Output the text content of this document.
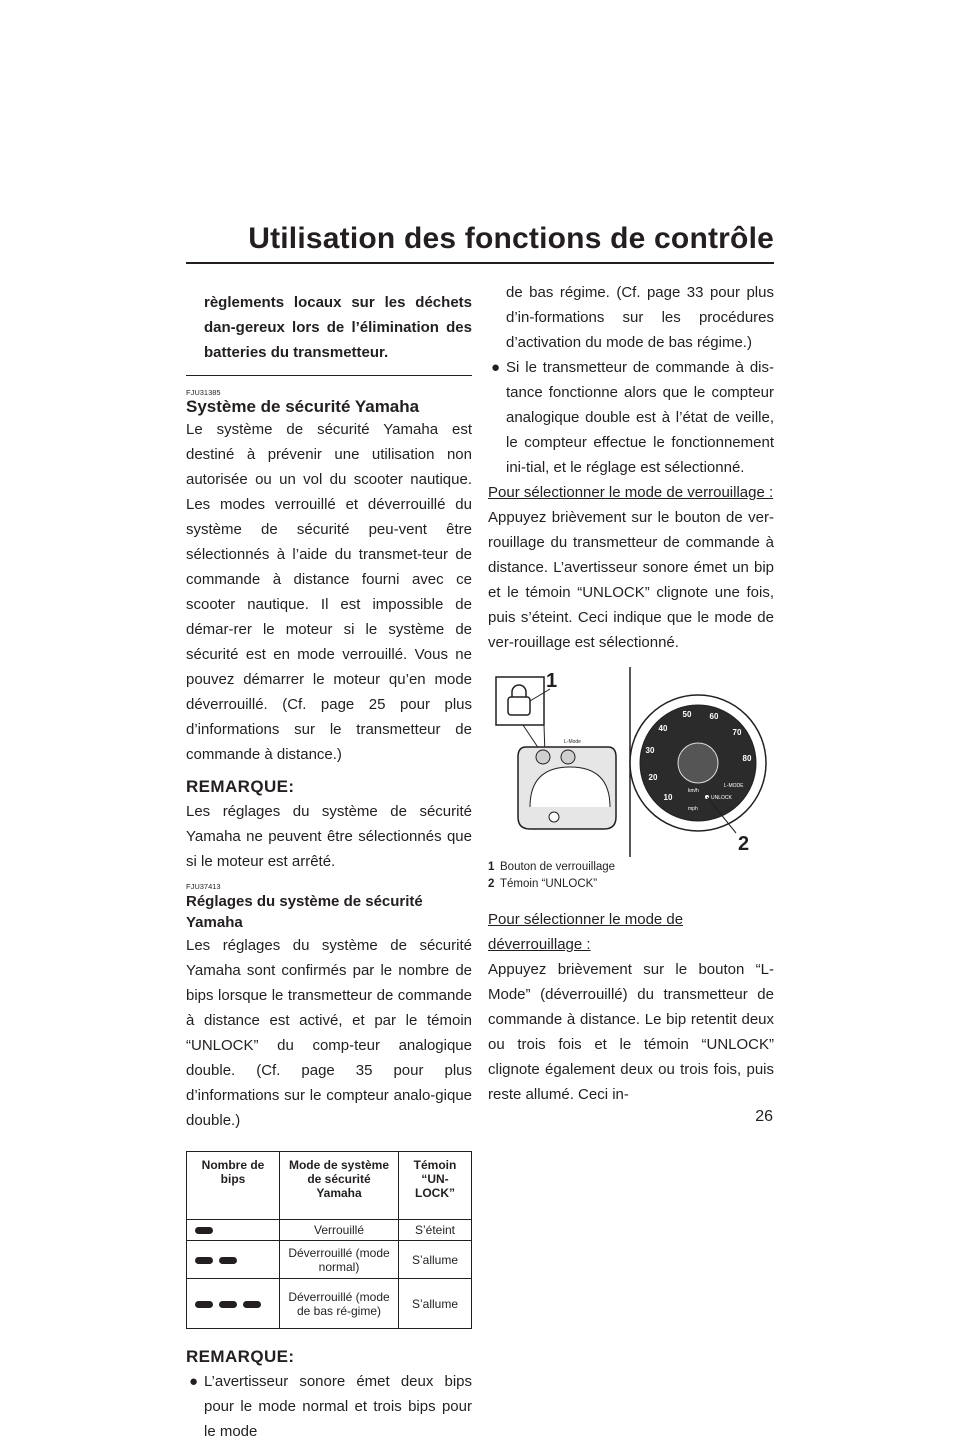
Utilisation des fonctions de contrôle

règlements locaux sur les déchets dan-gereux lors de l’élimination des batteries du transmetteur.

FJU31385

Système de sécurité Yamaha

Le système de sécurité Yamaha est destiné à prévenir une utilisation non autorisée ou un vol du scooter nautique. Les modes verrouillé et déverrouillé du système de sécurité peu-vent être sélectionnés à l’aide du transmet-teur de commande à distance fourni avec ce scooter nautique. Il est impossible de démar-rer le moteur si le système de sécurité est en mode verrouillé. Vous ne pouvez démarrer le moteur qu’en mode déverrouillé. (Cf. page 25 pour plus d’informations sur le transmetteur de commande à distance.)

REMARQUE:

Les réglages du système de sécurité Yamaha ne peuvent être sélectionnés que si le moteur est arrêté.

FJU37413

Réglages du système de sécurité Yamaha

Les réglages du système de sécurité Yamaha sont confirmés par le nombre de bips lorsque le transmetteur de commande à distance est activé, et par le témoin “UNLOCK” du comp-teur analogique double. (Cf. page 35 pour plus d’informations sur le compteur analo-gique double.)

Nombre de bips	Mode de système de sécurité Yamaha	Témoin “UN-LOCK”
	Verrouillé	S’éteint
	Déverrouillé (mode normal)	S’allume
	Déverrouillé (mode de bas ré-gime)	S’allume
REMARQUE:

● L’avertisseur sonore émet deux bips pour le mode normal et trois bips pour le mode

de bas régime. (Cf. page 33 pour plus d’in-formations sur les procédures d’activation du mode de bas régime.)

● Si le transmetteur de commande à dis-tance fonctionne alors que le compteur analogique double est à l’état de veille, le compteur effectue le fonctionnement ini-tial, et le réglage est sélectionné.

Pour sélectionner le mode de verrouillage :

Appuyez brièvement sur le bouton de ver-rouillage du transmetteur de commande à distance. L’avertisseur sonore émet un bip et le témoin “UNLOCK” clignote une fois, puis s’éteint. Ceci indique que le mode de ver-rouillage est sélectionné.

1
L-Mode
10
20
30
40
50 60
70
80
km/h
mph
UNLOCK
L-MODE
2
1 Bouton de verrouillage
2 Témoin “UNLOCK”

Pour sélectionner le mode de déverrouillage :

Appuyez brièvement sur le bouton “L-Mode” (déverrouillé) du transmetteur de commande à distance. Le bip retentit deux ou trois fois et le témoin “UNLOCK” clignote également deux ou trois fois, puis reste allumé. Ceci in-

26
